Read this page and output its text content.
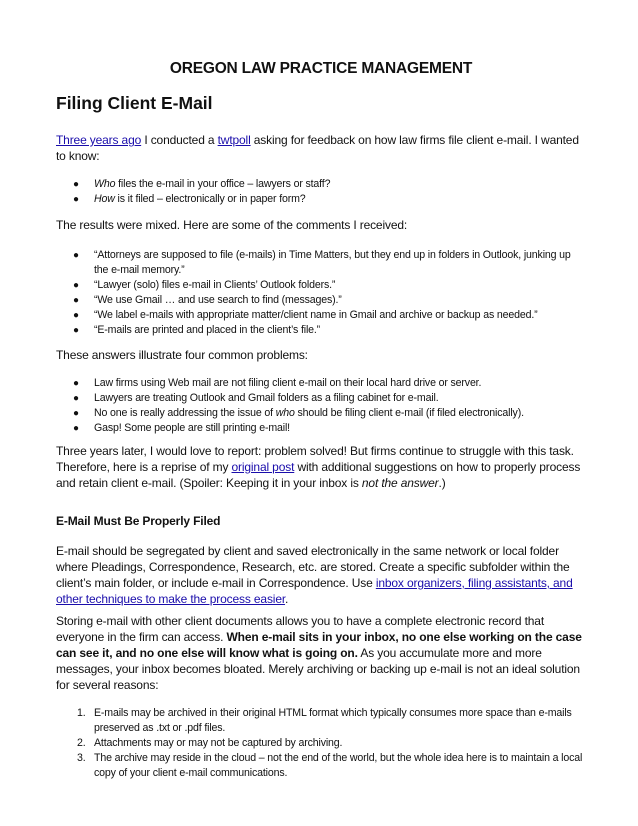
OREGON LAW PRACTICE MANAGEMENT
Filing Client E-Mail

Three years ago I conducted a twtpoll asking for feedback on how law firms file client e-mail. I wanted to know:

● Who files the e-mail in your office – lawyers or staff?
● How is it filed – electronically or in paper form?

The results were mixed. Here are some of the comments I received:

● “Attorneys are supposed to file (e-mails) in Time Matters, but they end up in folders in Outlook, junking up the e-mail memory.”
● “Lawyer (solo) files e-mail in Clients’ Outlook folders.”
● “We use Gmail … and use search to find (messages).”
● “We label e-mails with appropriate matter/client name in Gmail and archive or backup as needed.”
● “E-mails are printed and placed in the client’s file.”

These answers illustrate four common problems:

● Law firms using Web mail are not filing client e-mail on their local hard drive or server.
● Lawyers are treating Outlook and Gmail folders as a filing cabinet for e-mail.
● No one is really addressing the issue of who should be filing client e-mail (if filed electronically).
● Gasp! Some people are still printing e-mail!

Three years later, I would love to report: problem solved! But firms continue to struggle with this task. Therefore, here is a reprise of my original post with additional suggestions on how to properly process and retain client e-mail. (Spoiler: Keeping it in your inbox is not the answer.)

E-Mail Must Be Properly Filed

E-mail should be segregated by client and saved electronically in the same network or local folder where Pleadings, Correspondence, Research, etc. are stored. Create a specific subfolder within the client’s main folder, or include e-mail in Correspondence. Use inbox organizers, filing assistants, and other techniques to make the process easier.

Storing e-mail with other client documents allows you to have a complete electronic record that everyone in the firm can access. When e-mail sits in your inbox, no one else working on the case can see it, and no one else will know what is going on. As you accumulate more and more messages, your inbox becomes bloated. Merely archiving or backing up e-mail is not an ideal solution for several reasons:

1. E-mails may be archived in their original HTML format which typically consumes more space than e-mails preserved as .txt or .pdf files.
2. Attachments may or may not be captured by archiving.
3. The archive may reside in the cloud – not the end of the world, but the whole idea here is to maintain a local copy of your client e-mail communications.
